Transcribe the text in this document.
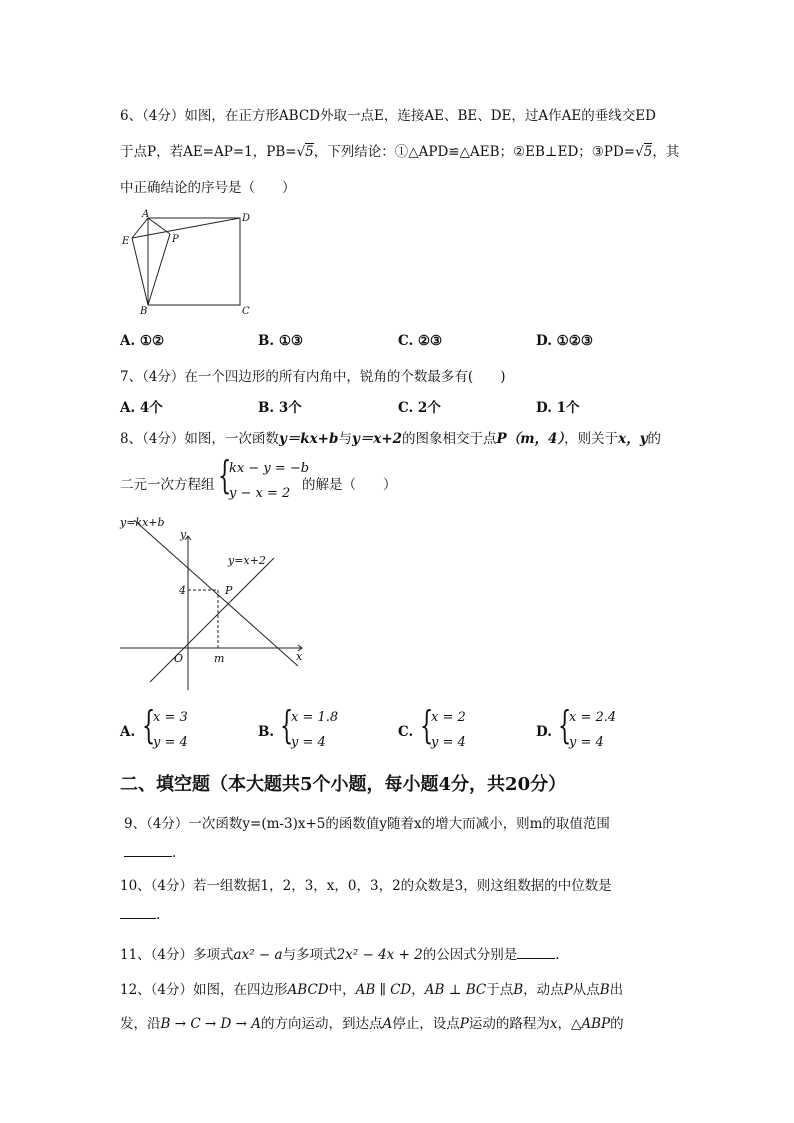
6、（4分）如图，在正方形ABCD外取一点E，连接AE、BE、DE，过A作AE的垂线交ED
于点P，若AE=AP=1，PB=√5，下列结论：①△APD≌△AEB；②EB⊥ED；③PD=√5，其
中正确结论的序号是（　　）
A	D
E	P
B	C
A. ①②	B. ①③	C. ②③	D. ①②③
7、（4分）在一个四边形的所有内角中，锐角的个数最多有(　　)
A. 4个	B. 3个	C. 2个	D. 1个
8、（4分）如图，一次函数y＝kx+b与y＝x+2的图象相交于点P（m，4），则关于x，y的
二元一次方程组 {
kx − y = −b
y − x = 2
的解是（　　）
y=kx+b
y
y=x+2
4	P
O	m	x
A. {
x = 3
y = 4
B. {
x = 1.8
y = 4
C. {
x = 2
y = 4
D. {
x = 2.4
y = 4
二、填空题（本大题共5个小题，每小题4分，共20分）
9、（4分）一次函数y=(m-3)x+5的函数值y随着x的增大而减小，则m的取值范围
.
10、（4分）若一组数据1，2，3，x，0，3，2的众数是3，则这组数据的中位数是
.
11、（4分）多项式ax² − a与多项式2x² − 4x + 2的公因式分别是	.
12、（4分）如图，在四边形ABCD中，AB ∥ CD，AB ⊥ BC于点B，动点P从点B出
发，沿B → C → D → A的方向运动，到达点A停止，设点P运动的路程为x，△ABP的
